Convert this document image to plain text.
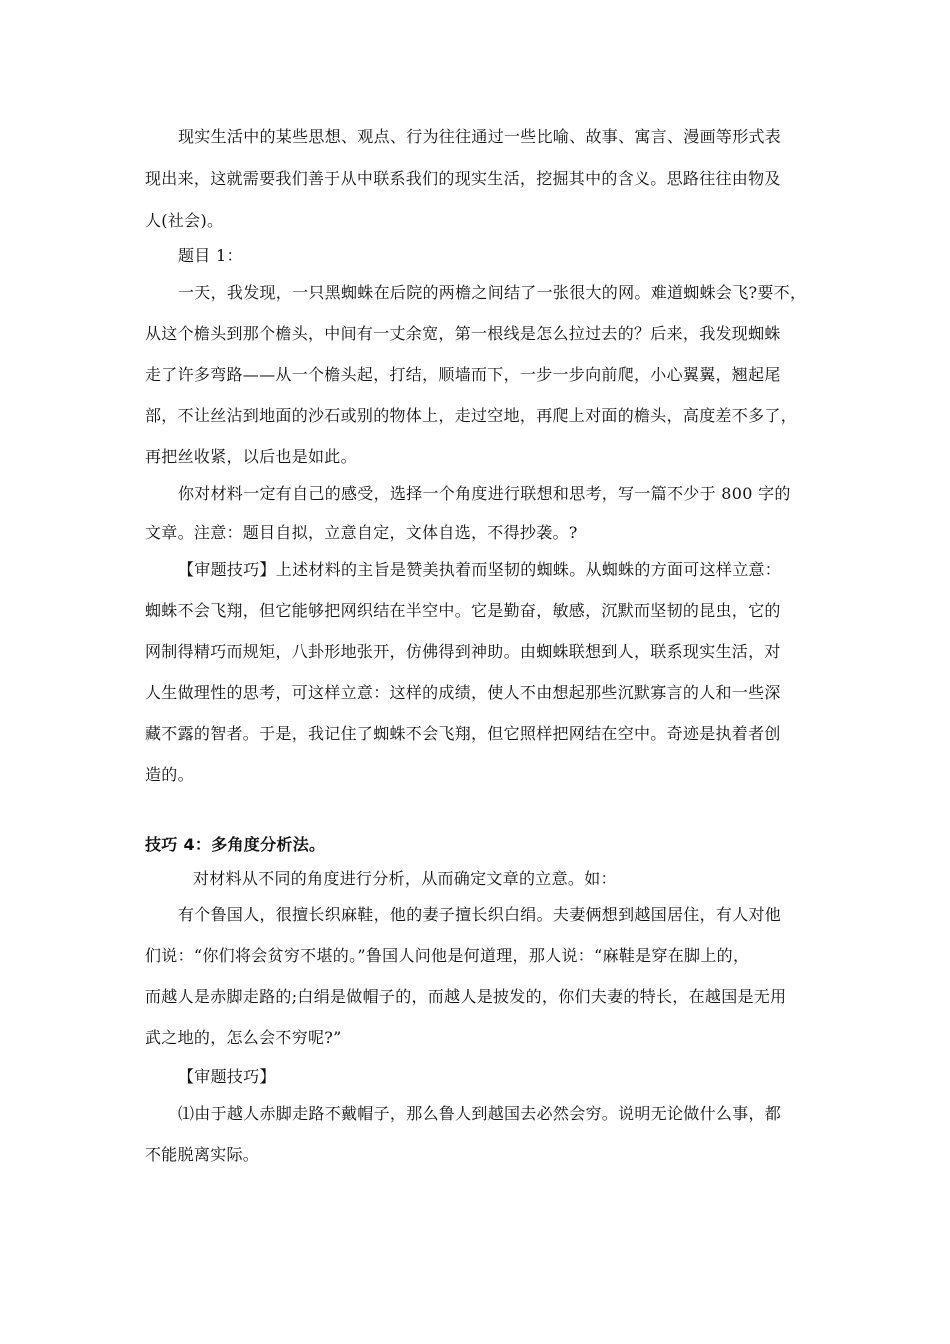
现实生活中的某些思想、观点、行为往往通过一些比喻、故事、寓言、漫画等形式表
现出来，这就需要我们善于从中联系我们的现实生活，挖掘其中的含义。思路往往由物及
人(社会)。
题目 1：
一天，我发现，一只黑蜘蛛在后院的两檐之间结了一张很大的网。难道蜘蛛会飞?要不，
从这个檐头到那个檐头，中间有一丈余宽，第一根线是怎么拉过去的？后来，我发现蜘蛛
走了许多弯路——从一个檐头起，打结，顺墙而下，一步一步向前爬，小心翼翼，翘起尾
部，不让丝沾到地面的沙石或别的物体上，走过空地，再爬上对面的檐头，高度差不多了，
再把丝收紧，以后也是如此。
你对材料一定有自己的感受，选择一个角度进行联想和思考，写一篇不少于 800 字的
文章。注意：题目自拟，立意自定，文体自选，不得抄袭。?
【审题技巧】上述材料的主旨是赞美执着而坚韧的蜘蛛。从蜘蛛的方面可这样立意：
蜘蛛不会飞翔，但它能够把网织结在半空中。它是勤奋，敏感，沉默而坚韧的昆虫，它的
网制得精巧而规矩，八卦形地张开，仿佛得到神助。由蜘蛛联想到人，联系现实生活，对
人生做理性的思考，可这样立意：这样的成绩，使人不由想起那些沉默寡言的人和一些深
藏不露的智者。于是，我记住了蜘蛛不会飞翔，但它照样把网结在空中。奇迹是执着者创
造的。
技巧 4：多角度分析法。
对材料从不同的角度进行分析，从而确定文章的立意。如：
有个鲁国人，很擅长织麻鞋，他的妻子擅长织白绢。夫妻俩想到越国居住，有人对他
们说：“你们将会贫穷不堪的。”鲁国人问他是何道理，那人说：“麻鞋是穿在脚上的，
而越人是赤脚走路的;白绢是做帽子的，而越人是披发的，你们夫妻的特长，在越国是无用
武之地的，怎么会不穷呢?”
【审题技巧】
⑴由于越人赤脚走路不戴帽子，那么鲁人到越国去必然会穷。说明无论做什么事，都
不能脱离实际。
